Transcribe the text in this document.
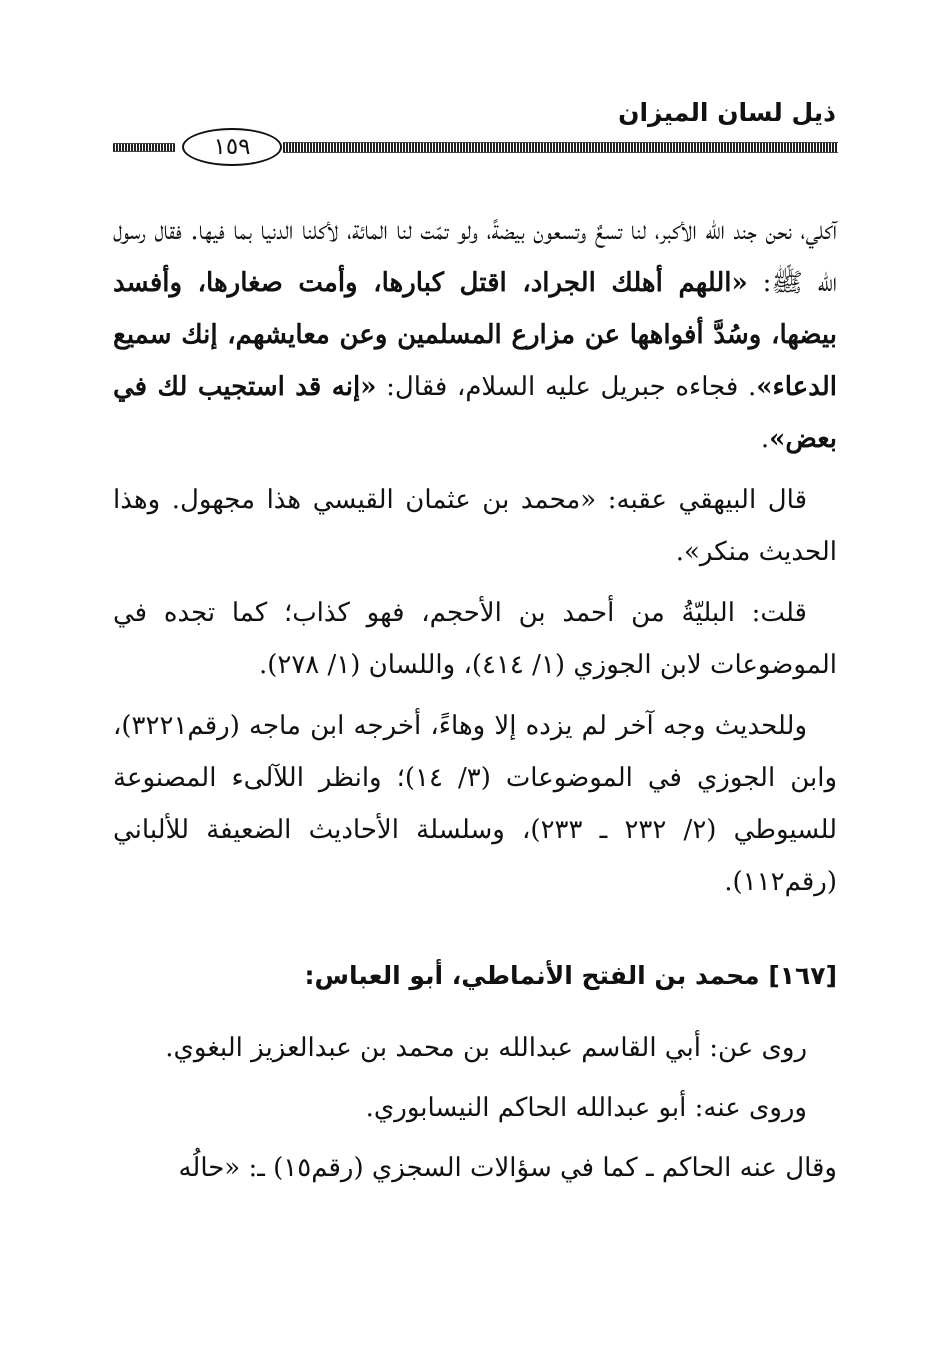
ذيل لسان الميزان
١٥٩

آكلي، نحن جند الله الأكبر، لنا تسعٌ وتسعون بيضةً، ولو تمّت لنا المائة، لأكلنا الدنيا بما فيها. فقال رسول الله ﷺ: «اللهم أهلك الجراد، اقتل كبارها، وأمت صغارها، وأفسد بيضها، وسُدَّ أفواهها عن مزارع المسلمين وعن معايشهم، إنك سميع الدعاء». فجاءه جبريل عليه السلام، فقال: «إنه قد استجيب لك في بعض».

قال البيهقي عقبه: «محمد بن عثمان القيسي هذا مجهول. وهذا الحديث منكر».

قلت: البليّةُ من أحمد بن الأحجم، فهو كذاب؛ كما تجده في الموضوعات لابن الجوزي (١/ ٤١٤)، واللسان (١/ ٢٧٨).

وللحديث وجه آخر لم يزده إلا وهاءً، أخرجه ابن ماجه (رقم٣٢٢١)، وابن الجوزي في الموضوعات (٣/ ١٤)؛ وانظر اللآلىء المصنوعة للسيوطي (٢/ ٢٣٢ ـ ٢٣٣)، وسلسلة الأحاديث الضعيفة للألباني (رقم١١٢).

[١٦٧] محمد بن الفتح الأنماطي، أبو العباس:

روى عن: أبي القاسم عبدالله بن محمد بن عبدالعزيز البغوي.

وروى عنه: أبو عبدالله الحاكم النيسابوري.

وقال عنه الحاكم ـ كما في سؤالات السجزي (رقم١٥) ـ: «حالُه
